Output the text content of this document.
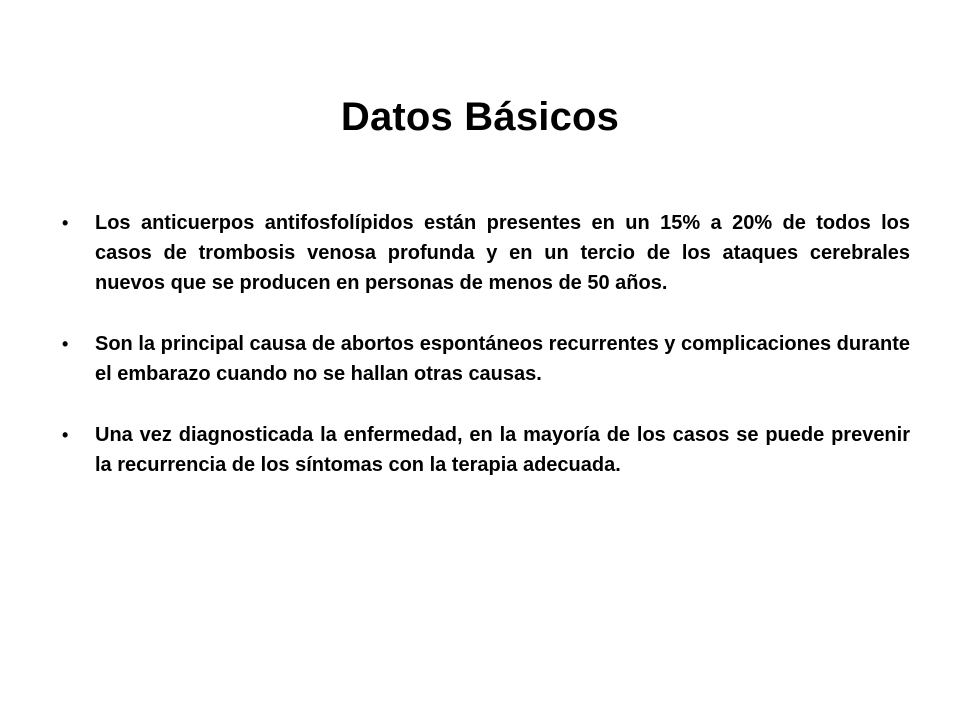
Datos Básicos
•	Los anticuerpos antifosfolípidos están presentes en un 15% a 20% de todos los casos de trombosis venosa profunda y en un tercio de los ataques cerebrales nuevos que se producen en personas de menos de 50 años.
•	Son la principal causa de abortos espontáneos recurrentes y complicaciones durante el embarazo cuando no se hallan otras causas.
•	Una vez diagnosticada la enfermedad, en la mayoría de los casos se puede prevenir la recurrencia de los síntomas con la terapia adecuada.
